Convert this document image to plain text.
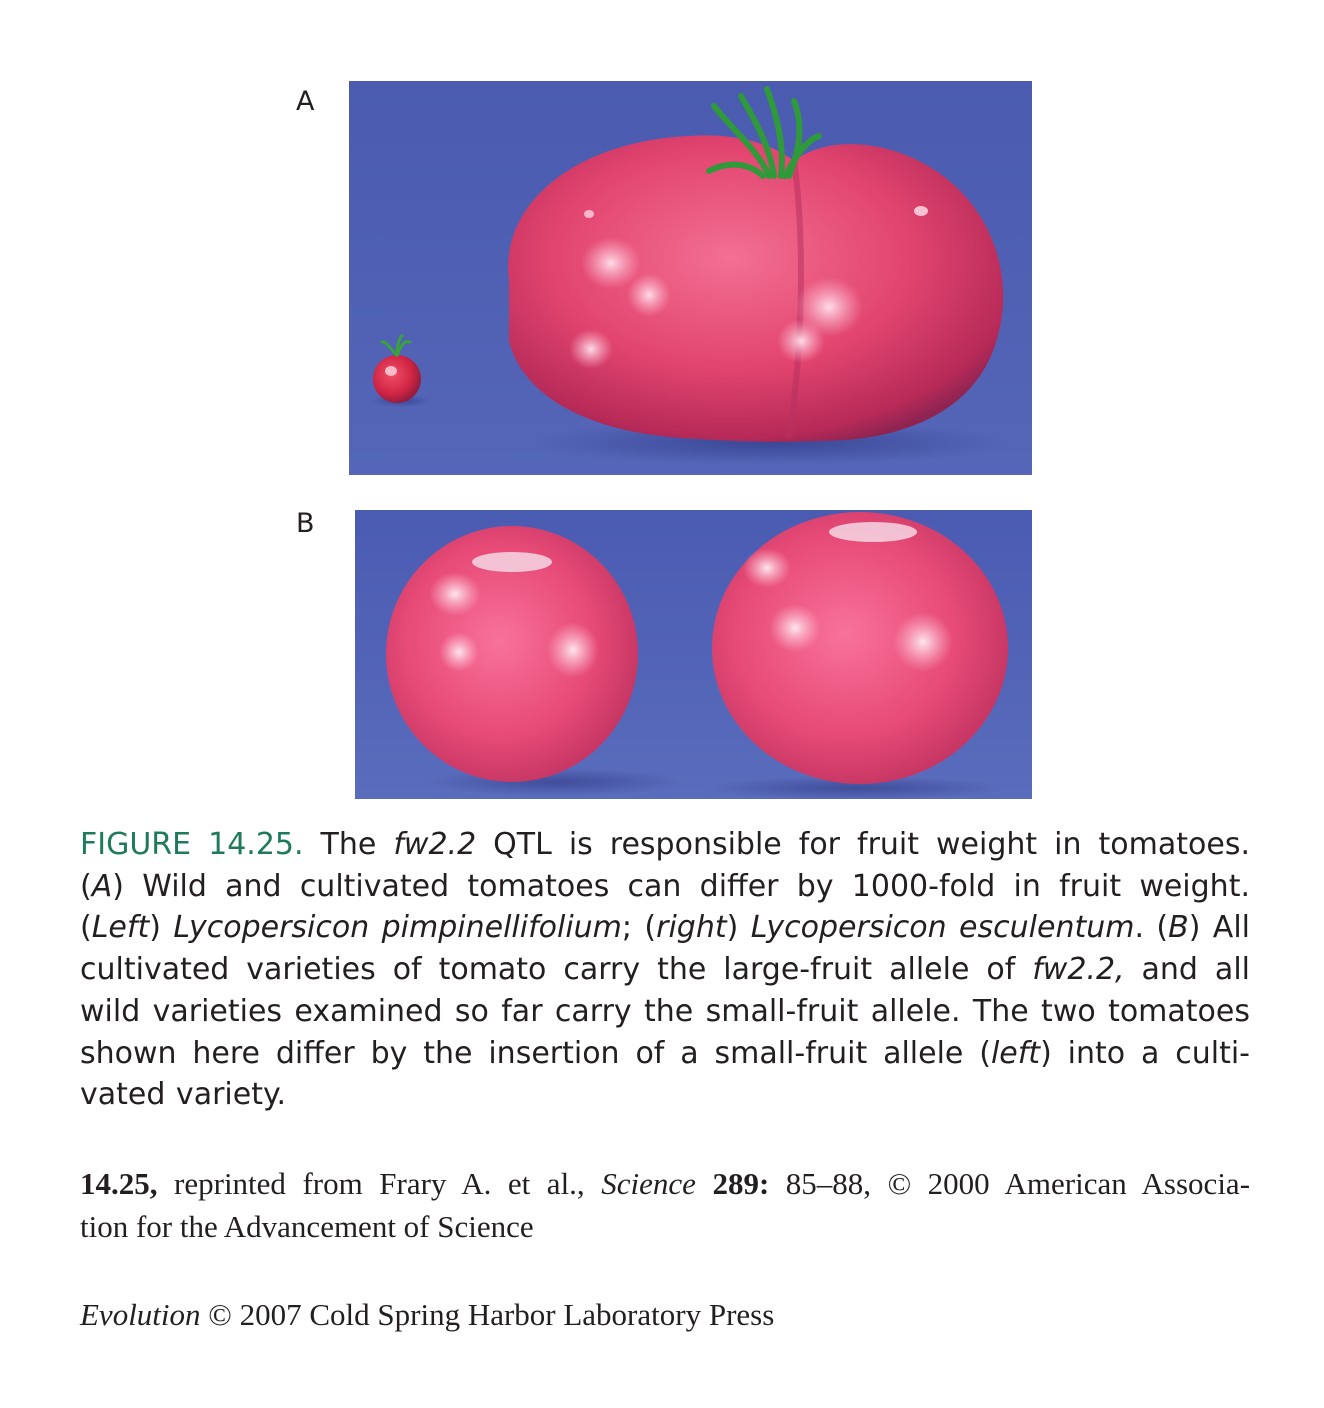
A
B
FIGURE 14.25. The fw2.2 QTL is responsible for fruit weight in tomatoes.
(A) Wild and cultivated tomatoes can differ by 1000-fold in fruit weight.
(Left) Lycopersicon pimpinellifolium; (right) Lycopersicon esculentum. (B) All
cultivated varieties of tomato carry the large-fruit allele of fw2.2, and all
wild varieties examined so far carry the small-fruit allele. The two tomatoes
shown here differ by the insertion of a small-fruit allele (left) into a culti-
vated variety.
14.25, reprinted from Frary A. et al., Science 289: 85–88, © 2000 American Associa-
tion for the Advancement of Science
Evolution © 2007 Cold Spring Harbor Laboratory Press
